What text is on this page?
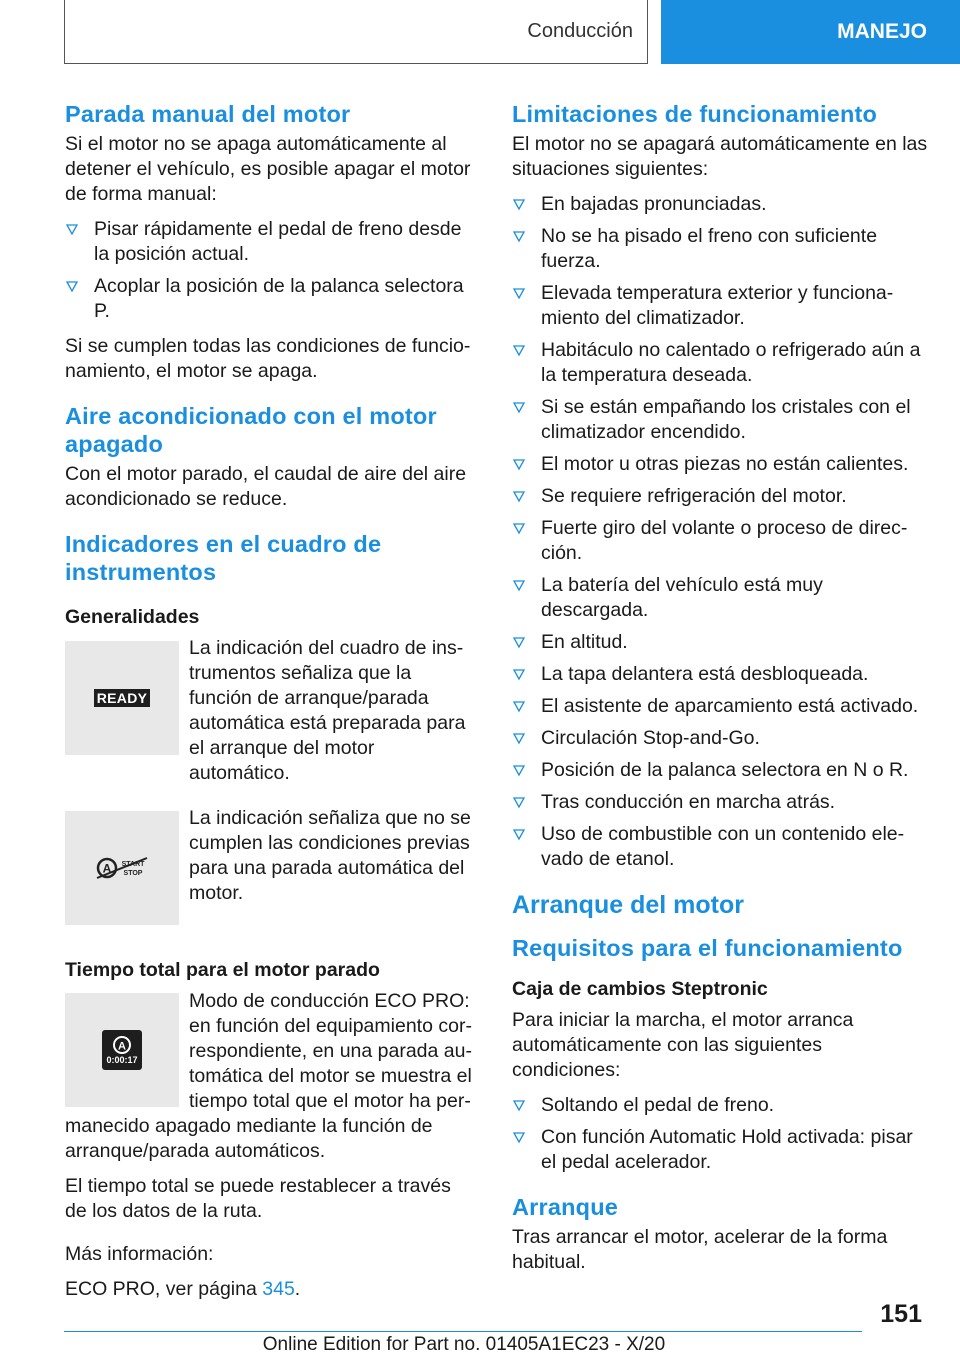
Conducción	MANEJO
Parada manual del motor

Si el motor no se apaga automáticamente al detener el vehículo, es posible apagar el motor de forma manual:

Pisar rápidamente el pedal de freno desde la posición actual.
Acoplar la posición de la palanca selectora P.

Si se cumplen todas las condiciones de funcionamiento, el motor se apaga.

Aire acondicionado con el motor apagado

Con el motor parado, el caudal de aire del aire acondicionado se reduce.

Indicadores en el cuadro de instrumentos
Generalidades
READY
La indicación del cuadro de instrumentos señaliza que la función de arranque/parada automática está preparada para el arranque del motor automático.
A START
STOP
La indicación señaliza que no se cumplen las condiciones previas para una parada automática del motor.
Tiempo total para el motor parado
A
0:00:17
Modo de conducción ECO PRO: en función del equipamiento correspondiente, en una parada automática del motor se muestra el tiempo total que el motor ha permanecido apagado mediante la función de arranque/parada automáticos.

El tiempo total se puede restablecer a través de los datos de la ruta.

Más información:

ECO PRO, ver página 345.

Limitaciones de funcionamiento

El motor no se apagará automáticamente en las situaciones siguientes:

En bajadas pronunciadas.
No se ha pisado el freno con suficiente fuerza.
Elevada temperatura exterior y funcionamiento del climatizador.
Habitáculo no calentado o refrigerado aún a la temperatura deseada.
Si se están empañando los cristales con el climatizador encendido.
El motor u otras piezas no están calientes.
Se requiere refrigeración del motor.
Fuerte giro del volante o proceso de dirección.
La batería del vehículo está muy descargada.
En altitud.
La tapa delantera está desbloqueada.
El asistente de aparcamiento está activado.
Circulación Stop-and-Go.
Posición de la palanca selectora en N o R.
Tras conducción en marcha atrás.
Uso de combustible con un contenido elevado de etanol.
Arranque del motor
Requisitos para el funcionamiento
Caja de cambios Steptronic

Para iniciar la marcha, el motor arranca automáticamente con las siguientes condiciones:

Soltando el pedal de freno.
Con función Automatic Hold activada: pisar el pedal acelerador.
Arranque

Tras arrancar el motor, acelerar de la forma habitual.

151
Online Edition for Part no. 01405A1EC23 - X/20
